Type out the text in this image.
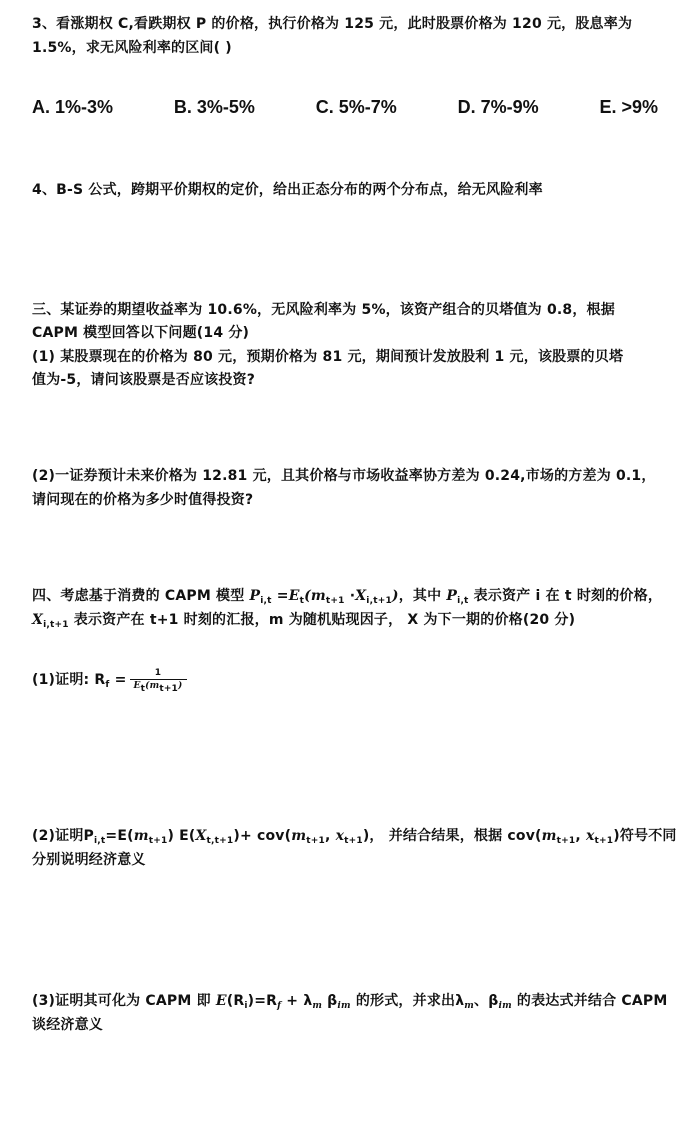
3、看涨期权 C,看跌期权 P 的价格，执行价格为 125 元，此时股票价格为 120 元，股息率为
1.5%，求无风险利率的区间( )
A. 1%-3%	B. 3%-5%	C. 5%-7%	D. 7%-9%	E. >9%
4、B-S 公式，跨期平价期权的定价，给出正态分布的两个分布点，给无风险利率
三、某证券的期望收益率为 10.6%，无风险利率为 5%，该资产组合的贝塔值为 0.8，根据
CAPM 模型回答以下问题(14 分)
(1) 某股票现在的价格为 80 元，预期价格为 81 元，期间预计发放股利 1 元，该股票的贝塔
值为-5，请问该股票是否应该投资?
(2)一证券预计未来价格为 12.81 元，且其价格与市场收益率协方差为 0.24,市场的方差为 0.1，
请问现在的价格为多少时值得投资?
四、考虑基于消费的 CAPM 模型 $P_{i,t} =E_t(m_{t+1} \cdot X_{i,t+1})$，其中 $P_{i,t}$ 表示资产 i 在 t 时刻的价格，
$X_{i,t+1}$ 表示资产在 t+1 时刻的汇报，m 为随机贴现因子， X 为下一期的价格(20 分)
(1)证明: $R_f = \frac{1}{E_t(m_{t+1})}$
(2)证明$P_{i,t}=E(m_{t+1})$ $E(X_{t,t+1})+ cov(m_{t+1}$, $x_{t+1}$)， 并结合结果，根据 $cov(m_{t+1}$, $x_{t+1}$)符号不同
分别说明经济意义
(3)证明其可化为 CAPM 即 $E(R_i)=R_f + \lambda_m$ $\beta_{im}$ 的形式，并求出$\lambda_m$、$\beta_{im}$ 的表达式并结合 CAPM
谈经济意义
